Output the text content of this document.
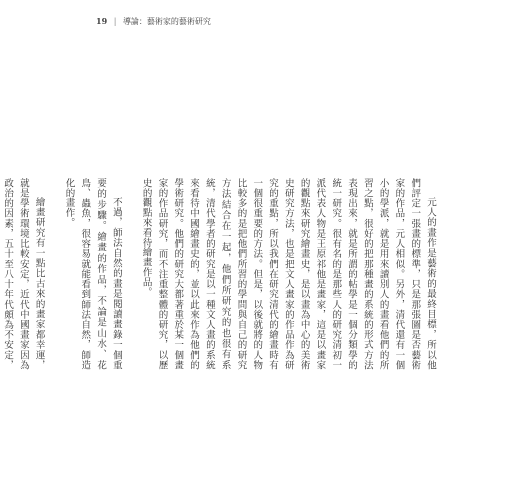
19 | 導論：藝術家的藝術研究

元人的畫作是藝術的最終目標，所以他們評定一張畫的標準，只是那張圖是否藝術家的作品，元人相似。另外，清代還有一個小的學派，就是用來讀別人的畫看他們的所習之點，很好的把那種畫的系統的形式方法表現出來，就是所謂的帖學是一個分類學的統一研究。很有名的是那些人的研究清初一派代表人物是王原祁他是畫家，這是以畫家的觀點來研究繪畫史，是以畫為中心的美術史研究方法，也是把文人畫家的作品作為研究的重點，所以我們在研究清代的繪畫時有一個很重要的方法。但是，以後就將的人物比較多的是把他們所習的學問與自己的研究方法結合在一起，他們所研究的也很有系統，清代學者的研究是以一種文人畫的系統來看待中國繪畫史的，並以此來作為他們的學術研究。他們的研究大都著重於某一個畫家的作品研究，而不注重整體的研究，以歷史的觀點來看待繪畫作品。

不過，師法自然的畫是閱讀畫錄一個重要的步驟。繪畫的作品，不論是山水、花鳥、蟲魚，很容易就能看到師法自然，師造化的畫作。

繪畫研究有一點比古來的畫家都幸運，就是學術環境比較安定，近代中國畫家因為政治的因素，五十至八十年代頗為不安定，
